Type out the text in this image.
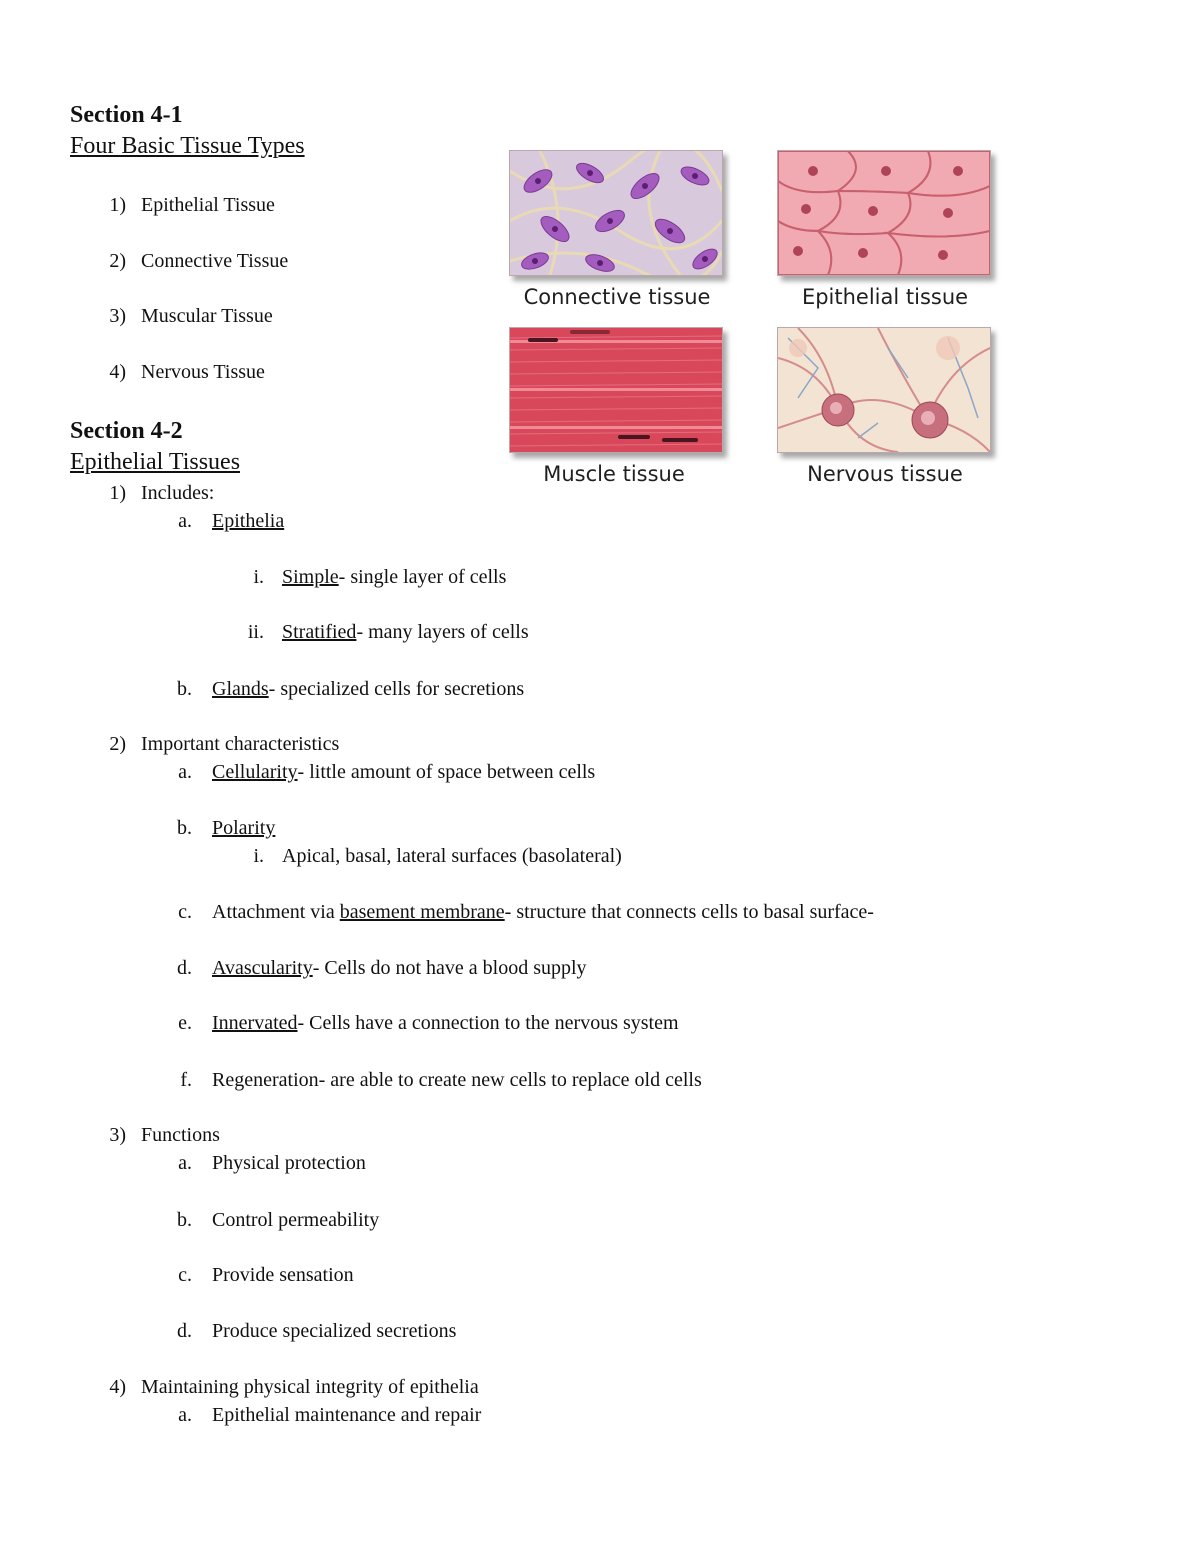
Section 4-1
Four Basic Tissue Types
1) Epithelial Tissue
2) Connective Tissue
3) Muscular Tissue
4) Nervous Tissue
Connective tissue	Epithelial tissue
Muscle tissue	Nervous tissue
Section 4-2
Epithelial Tissues
1) Includes:
a. Epithelia
i. Simple- single layer of cells
ii. Stratified- many layers of cells
b. Glands- specialized cells for secretions
2) Important characteristics
a. Cellularity- little amount of space between cells
b. Polarity
i. Apical, basal, lateral surfaces (basolateral)
c. Attachment via basement membrane- structure that connects cells to basal surface-
d. Avascularity- Cells do not have a blood supply
e. Innervated- Cells have a connection to the nervous system
f. Regeneration- are able to create new cells to replace old cells
3) Functions
a. Physical protection
b. Control permeability
c. Provide sensation
d. Produce specialized secretions
4) Maintaining physical integrity of epithelia
a. Epithelial maintenance and repair
